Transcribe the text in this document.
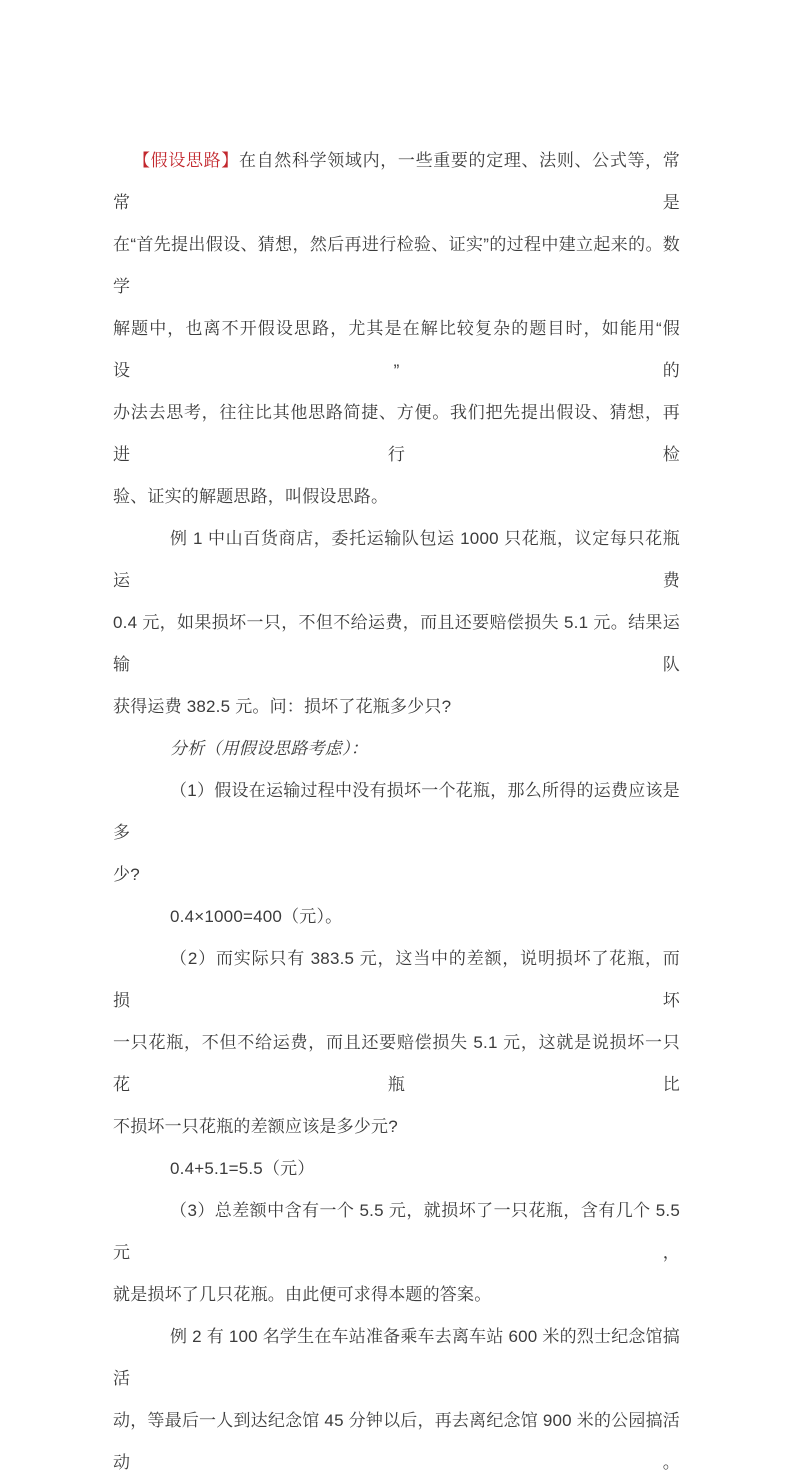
【假设思路】在自然科学领域内，一些重要的定理、法则、公式等，常常是
在“首先提出假设、猜想，然后再进行检验、证实”的过程中建立起来的。数学
解题中，也离不开假设思路，尤其是在解比较复杂的题目时，如能用“假设”的
办法去思考，往往比其他思路简捷、方便。我们把先提出假设、猜想，再进行检
验、证实的解题思路，叫假设思路。
例 1 中山百货商店，委托运输队包运 1000 只花瓶，议定每只花瓶运费
0.4 元，如果损坏一只，不但不给运费，而且还要赔偿损失 5.1 元。结果运输队
获得运费 382.5 元。问：损坏了花瓶多少只?
分析（用假设思路考虑）：
（1）假设在运输过程中没有损坏一个花瓶，那么所得的运费应该是多
少?
0.4×1000=400（元）。
（2）而实际只有 383.5 元，这当中的差额，说明损坏了花瓶，而损坏
一只花瓶，不但不给运费，而且还要赔偿损失 5.1 元，这就是说损坏一只花瓶比
不损坏一只花瓶的差额应该是多少元?
0.4+5.1=5.5（元）
（3）总差额中含有一个 5.5 元，就损坏了一只花瓶，含有几个 5.5 元，
就是损坏了几只花瓶。由此便可求得本题的答案。
例 2 有 100 名学生在车站准备乘车去离车站 600 米的烈士纪念馆搞活
动，等最后一人到达纪念馆 45 分钟以后，再去离纪念馆 900 米的公园搞活动。
